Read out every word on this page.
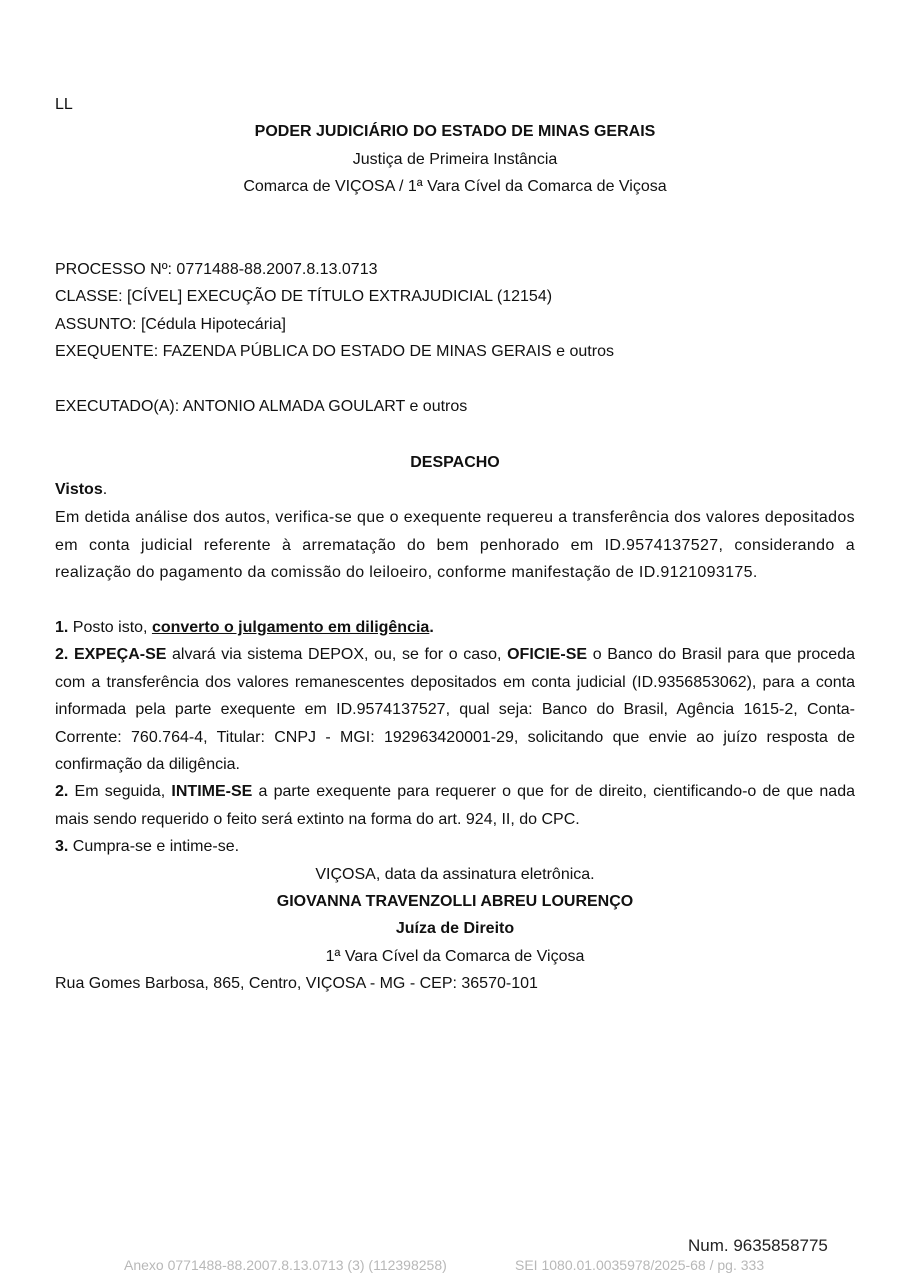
LL
PODER JUDICIÁRIO DO ESTADO DE MINAS GERAIS
Justiça de Primeira Instância
Comarca de VIÇOSA / 1ª Vara Cível da Comarca de Viçosa
PROCESSO Nº: 0771488-88.2007.8.13.0713
CLASSE: [CÍVEL] EXECUÇÃO DE TÍTULO EXTRAJUDICIAL (12154)
ASSUNTO: [Cédula Hipotecária]
EXEQUENTE: FAZENDA PÚBLICA DO ESTADO DE MINAS GERAIS e outros
EXECUTADO(A): ANTONIO ALMADA GOULART e outros
DESPACHO
Vistos.
Em detida análise dos autos, verifica-se que o exequente requereu a transferência dos valores depositados em conta judicial referente à arrematação do bem penhorado em ID.9574137527, considerando a realização do pagamento da comissão do leiloeiro, conforme manifestação de ID.9121093175.
1. Posto isto, converto o julgamento em diligência.
2. EXPEÇA-SE alvará via sistema DEPOX, ou, se for o caso, OFICIE-SE o Banco do Brasil para que proceda com a transferência dos valores remanescentes depositados em conta judicial (ID.9356853062), para a conta informada pela parte exequente em ID.9574137527, qual seja: Banco do Brasil, Agência 1615-2, Conta-Corrente: 760.764-4, Titular: CNPJ - MGI: 192963420001-29, solicitando que envie ao juízo resposta de confirmação da diligência.
2. Em seguida, INTIME-SE a parte exequente para requerer o que for de direito, cientificando-o de que nada mais sendo requerido o feito será extinto na forma do art. 924, II, do CPC.
3. Cumpra-se e intime-se.
VIÇOSA, data da assinatura eletrônica.
GIOVANNA TRAVENZOLLI ABREU LOURENÇO
Juíza de Direito
1ª Vara Cível da Comarca de Viçosa
Rua Gomes Barbosa, 865, Centro, VIÇOSA - MG - CEP: 36570-101
Num. 9635858775
Anexo 0771488-88.2007.8.13.0713 (3) (112398258)	SEI 1080.01.0035978/2025-68 / pg. 333
